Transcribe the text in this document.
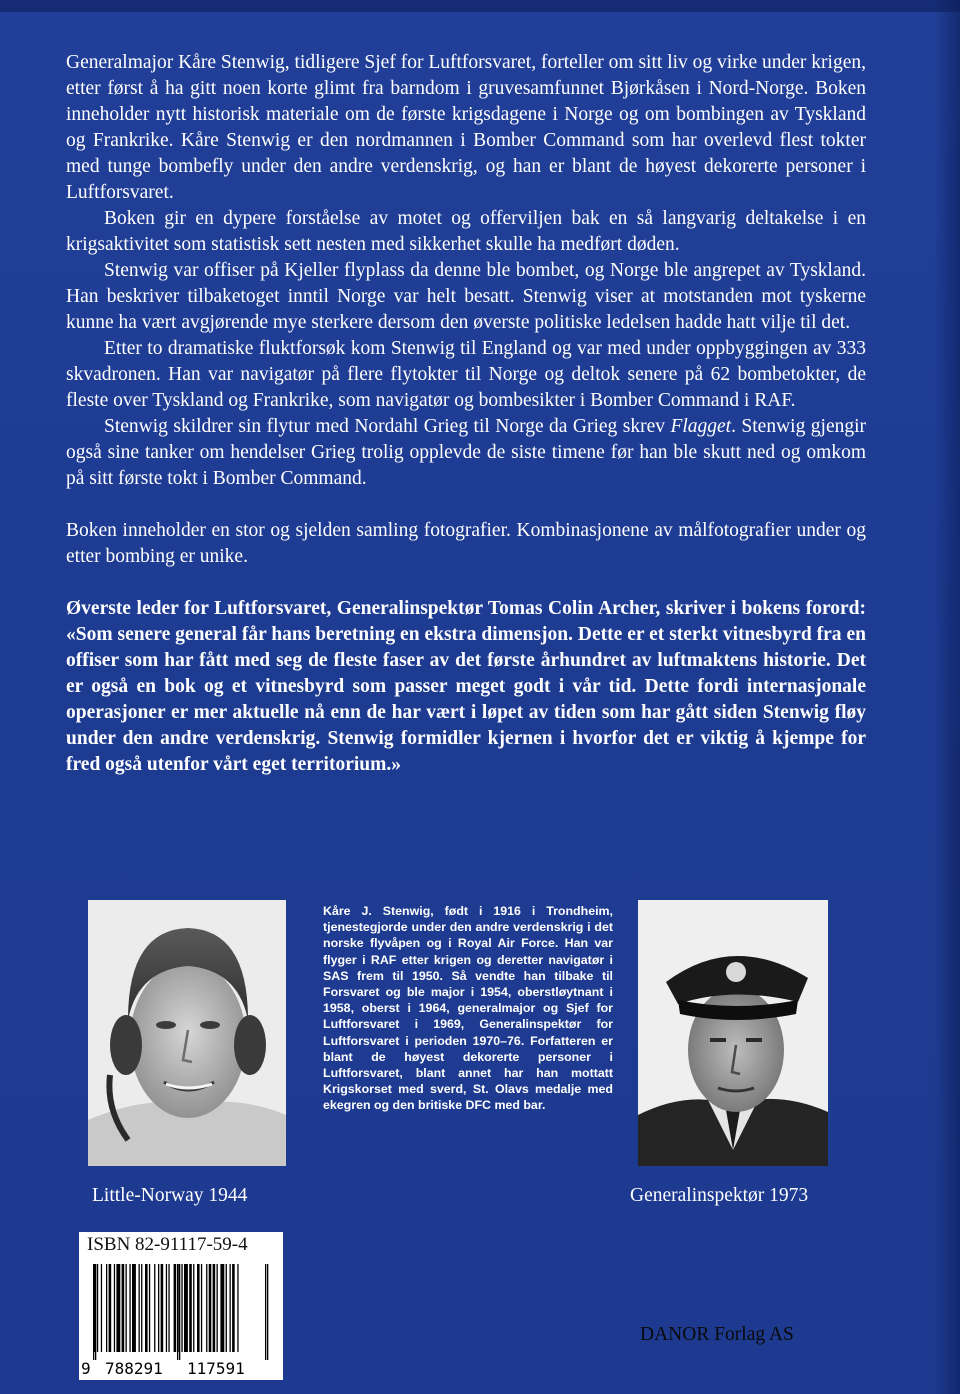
Generalmajor Kåre Stenwig, tidligere Sjef for Luftforsvaret, forteller om sitt liv og virke under krigen, etter først å ha gitt noen korte glimt fra barndom i gruvesamfunnet Bjørkåsen i Nord-Norge. Boken inneholder nytt historisk materiale om de første krigsdagene i Norge og om bombingen av Tyskland og Frankrike. Kåre Stenwig er den nordmannen i Bomber Command som har overlevd flest tokter med tunge bombefly under den andre verdenskrig, og han er blant de høyest dekorerte personer i Luftforsvaret.

Boken gir en dypere forståelse av motet og offerviljen bak en så langvarig deltakelse i en krigsaktivitet som statistisk sett nesten med sikkerhet skulle ha medført døden.

Stenwig var offiser på Kjeller flyplass da denne ble bombet, og Norge ble angrepet av Tyskland. Han beskriver tilbaketoget inntil Norge var helt besatt. Stenwig viser at motstanden mot tyskerne kunne ha vært avgjørende mye sterkere dersom den øverste politiske ledelsen hadde hatt vilje til det.

Etter to dramatiske fluktforsøk kom Stenwig til England og var med under oppbyggingen av 333 skvadronen. Han var navigatør på flere flytokter til Norge og deltok senere på 62 bombetokter, de fleste over Tyskland og Frankrike, som navigatør og bombesikter i Bomber Command i RAF.

Stenwig skildrer sin flytur med Nordahl Grieg til Norge da Grieg skrev Flagget. Stenwig gjengir også sine tanker om hendelser Grieg trolig opplevde de siste timene før han ble skutt ned og omkom på sitt første tokt i Bomber Command.

Boken inneholder en stor og sjelden samling fotografier. Kombinasjonene av målfotografier under og etter bombing er unike.

Øverste leder for Luftforsvaret, Generalinspektør Tomas Colin Archer, skriver i bokens forord: «Som senere general får hans beretning en ekstra dimensjon. Dette er et sterkt vitnesbyrd fra en offiser som har fått med seg de fleste faser av det første århundret av luftmaktens historie. Det er også en bok og et vitnesbyrd som passer meget godt i vår tid. Dette fordi internasjonale operasjoner er mer aktuelle nå enn de har vært i løpet av tiden som har gått siden Stenwig fløy under den andre verdenskrig. Stenwig formidler kjernen i hvorfor det er viktig å kjempe for fred også utenfor vårt eget territorium.»

Kåre J. Stenwig, født i 1916 i Trondheim, tjenestegjorde under den andre verdenskrig i det norske flyvåpen og i Royal Air Force. Han var flyger i RAF etter krigen og deretter navigatør i SAS frem til 1950. Så vendte han tilbake til Forsvaret og ble major i 1954, oberstløytnant i 1958, oberst i 1964, generalmajor og Sjef for Luftforsvaret i 1969, Generalinspektør for Luftforsvaret i perioden 1970–76. Forfatteren er blant de høyest dekorerte personer i Luftforsvaret, blant annet har han mottatt Krigskorset med sverd, St. Olavs medalje med ekegren og den britiske DFC med bar.

Little-Norway 1944	Generalinspektør 1973
ISBN 82-91117-59-4
9 788291 117591
DANOR Forlag AS
